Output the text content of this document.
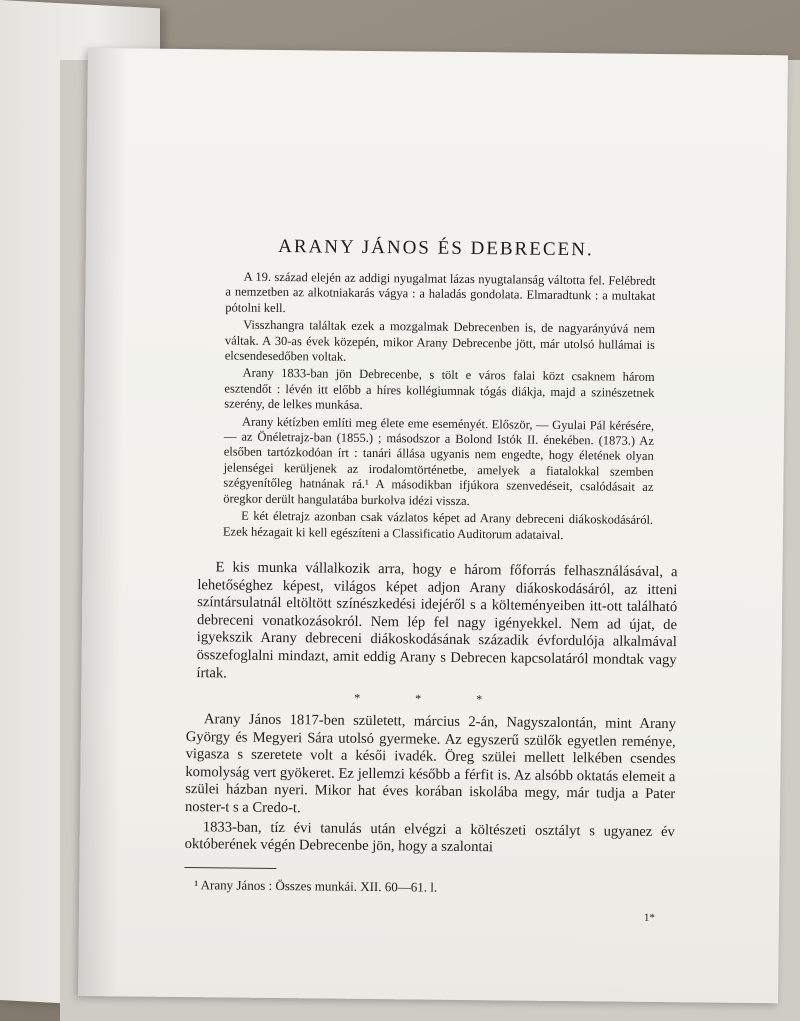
ARANY JÁNOS ÉS DEBRECEN.

A 19. század elején az addigi nyugalmat lázas nyugtalanság váltotta fel. Felébredt a nemzetben az alkotniakarás vágya : a haladás gondolata. Elmaradtunk : a multakat pótolni kell.

Visszhangra találtak ezek a mozgalmak Debrecenben is, de nagyarányúvá nem váltak. A 30-as évek közepén, mikor Arany Debrecenbe jött, már utolsó hullámai is elcsendesedőben voltak.

Arany 1833-ban jön Debrecenbe, s tölt e város falai közt csaknem három esztendőt : lévén itt előbb a híres kollégiumnak tógás diákja, majd a szinészetnek szerény, de lelkes munkása.

Arany kétízben említi meg élete eme eseményét. Először, — Gyulai Pál kérésére, — az Önéletrajz-ban (1855.) ; másodszor a Bolond Istók II. énekében. (1873.) Az elsőben tartózkodóan írt : tanári állása ugyanis nem engedte, hogy életének olyan jelenségei kerüljenek az irodalomtörténetbe, amelyek a fiatalokkal szemben szégyenítőleg hatnának rá.¹ A másodikban ifjúkora szenvedéseit, csalódásait az öregkor derült hangulatába burkolva idézi vissza.

E két életrajz azonban csak vázlatos képet ad Arany debreceni diákoskodásáról. Ezek hézagait ki kell egészíteni a Classificatio Auditorum adataival.

E kis munka vállalkozik arra, hogy e három főforrás felhasználásával, a lehetőséghez képest, világos képet adjon Arany diákoskodásáról, az itteni színtársulatnál eltöltött színészkedési idejéről s a költeményeiben itt-ott található debreceni vonatkozásokról. Nem lép fel nagy igényekkel. Nem ad újat, de igyekszik Arany debreceni diákoskodásának századik évfordulója alkalmával összefoglalni mindazt, amit eddig Arany s Debrecen kapcsolatáról mondtak vagy írtak.

* * *

Arany János 1817-ben született, március 2-án, Nagyszalontán, mint Arany György és Megyeri Sára utolsó gyermeke. Az egyszerű szülők egyetlen reménye, vigasza s szeretete volt a késői ivadék. Öreg szülei mellett lelkében csendes komolyság vert gyökeret. Ez jellemzi később a férfit is. Az alsóbb oktatás elemeit a szülei házban nyeri. Mikor hat éves korában iskolába megy, már tudja a Pater noster-t s a Credo-t.

1833-ban, tíz évi tanulás után elvégzi a költészeti osztályt s ugyanez év októberének végén Debrecenbe jön, hogy a szalontai

¹ Arany János : Összes munkái. XII. 60—61. l.
1*
